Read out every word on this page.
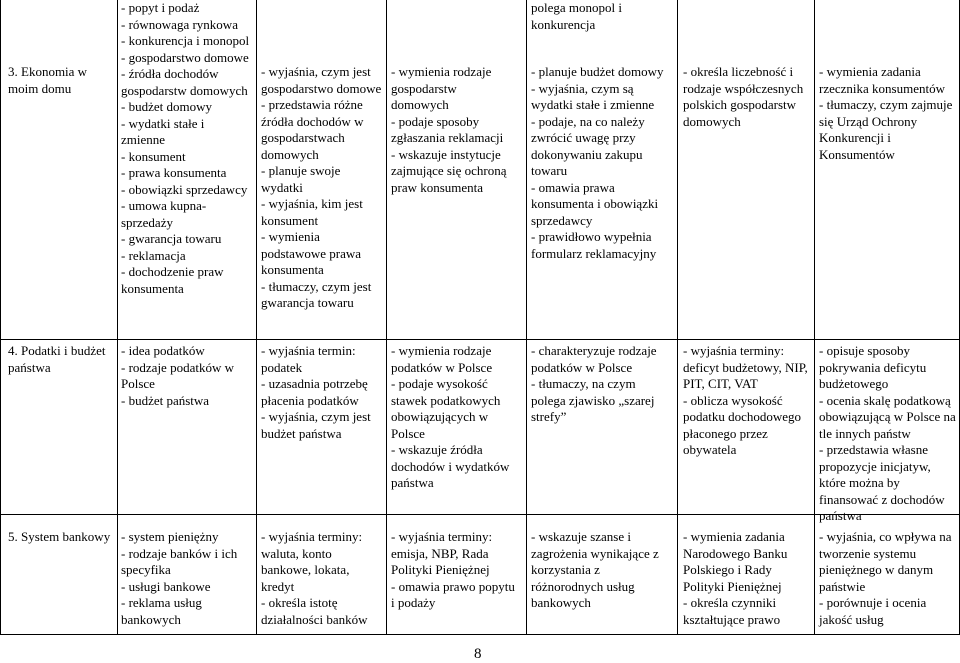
3. Ekonomia w moim domu
- popyt i podaż
- równowaga rynkowa
- konkurencja i monopol
- gospodarstwo domowe
- źródła dochodów gospodarstw domowych
- budżet domowy
- wydatki stałe i zmienne
- konsument
- prawa konsumenta
- obowiązki sprzedawcy
- umowa kupna-sprzedaży
- gwarancja towaru
- reklamacja
- dochodzenie praw konsumenta
- wyjaśnia, czym jest gospodarstwo domowe
- przedstawia różne źródła dochodów w gospodarstwach domowych
- planuje swoje wydatki
- wyjaśnia, kim jest konsument
- wymienia podstawowe prawa konsumenta
- tłumaczy, czym jest gwarancja towaru
- wymienia rodzaje gospodarstw domowych
- podaje sposoby zgłaszania reklamacji
- wskazuje instytucje zajmujące się ochroną praw konsumenta
polega monopol i konkurencja
- planuje budżet domowy
- wyjaśnia, czym są wydatki stałe i zmienne
- podaje, na co należy zwrócić uwagę przy dokonywaniu zakupu towaru
- omawia prawa konsumenta i obowiązki sprzedawcy
- prawidłowo wypełnia formularz reklamacyjny
- określa liczebność i rodzaje współczesnych polskich gospodarstw domowych
- wymienia zadania rzecznika konsumentów
- tłumaczy, czym zajmuje się Urząd Ochrony Konkurencji i Konsumentów
4. Podatki i budżet państwa
- idea podatków
- rodzaje podatków w Polsce
- budżet państwa
- wyjaśnia termin: podatek
- uzasadnia potrzebę płacenia podatków
- wyjaśnia, czym jest budżet państwa
- wymienia rodzaje podatków w Polsce
- podaje wysokość stawek podatkowych obowiązujących w Polsce
- wskazuje źródła dochodów i wydatków państwa
- charakteryzuje rodzaje podatków w Polsce
- tłumaczy, na czym polega zjawisko „szarej strefy”
- wyjaśnia terminy: deficyt budżetowy, NIP, PIT, CIT, VAT
- oblicza wysokość podatku dochodowego płaconego przez obywatela
- opisuje sposoby pokrywania deficytu budżetowego
- ocenia skalę podatkową obowiązującą w Polsce na tle innych państw
- przedstawia własne propozycje inicjatyw, które można by finansować z dochodów państwa
5. System bankowy - system pieniężny
- rodzaje banków i ich specyfika
- usługi bankowe
- reklama usług bankowych
- wyjaśnia terminy: waluta, konto bankowe, lokata, kredyt
- określa istotę działalności banków
- wyjaśnia terminy: emisja, NBP, Rada Polityki Pieniężnej
- omawia prawo popytu i podaży
- wskazuje szanse i zagrożenia wynikające z korzystania z różnorodnych usług bankowych
- wymienia zadania Narodowego Banku Polskiego i Rady Polityki Pieniężnej
- określa czynniki kształtujące prawo
- wyjaśnia, co wpływa na tworzenie systemu pieniężnego w danym państwie
- porównuje i ocenia jakość usług
8
